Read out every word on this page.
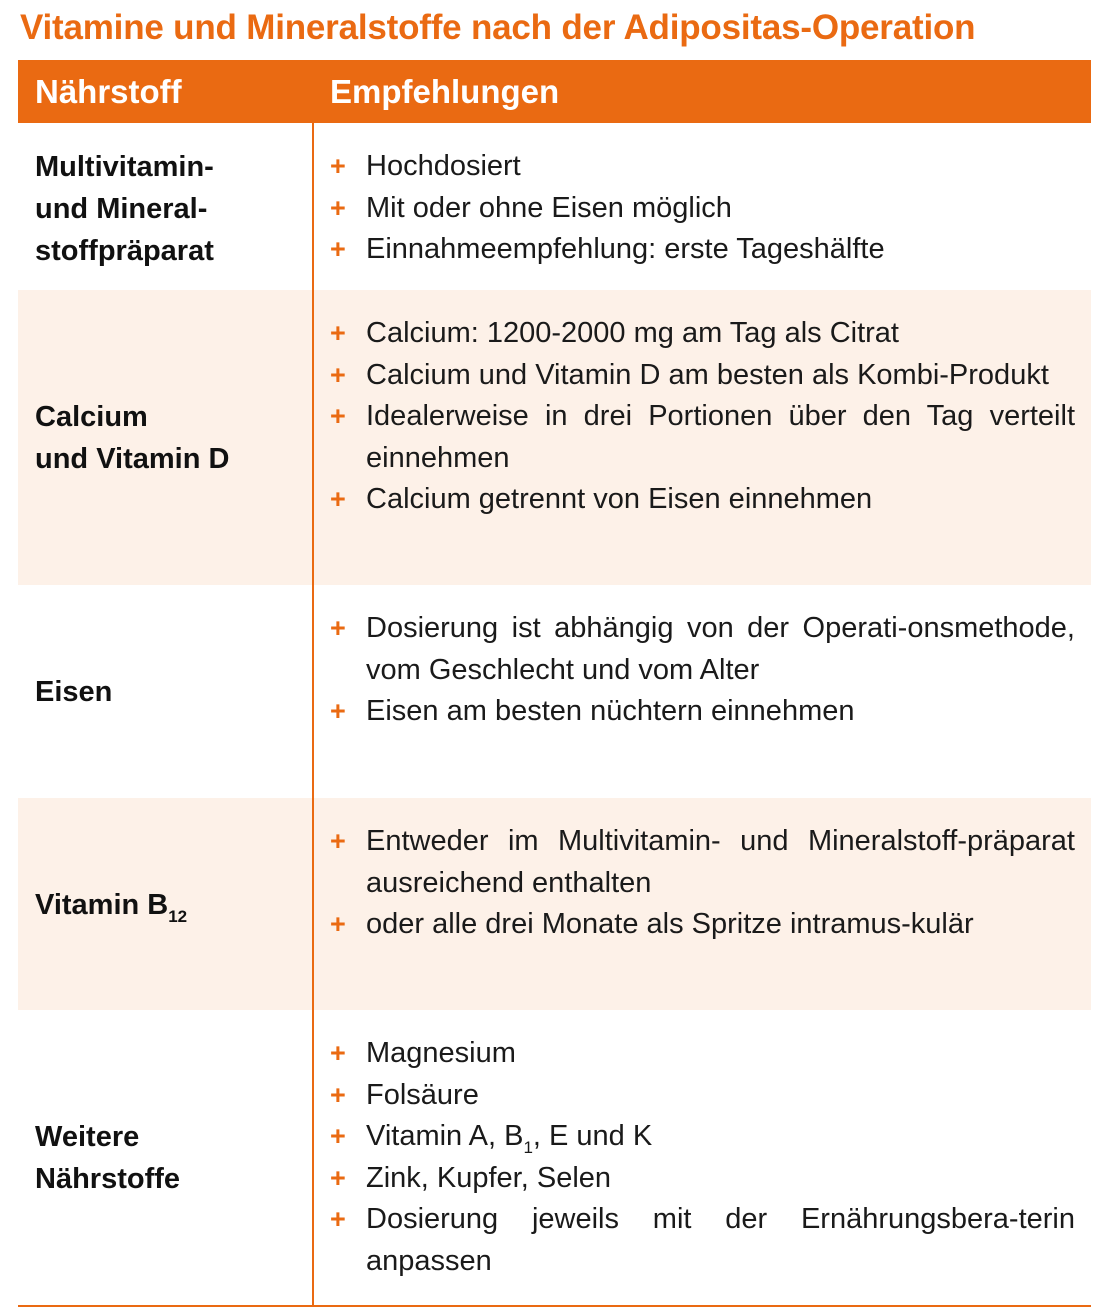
Vitamine und Mineralstoffe nach der Adipositas-Operation
Nährstoff	Empfehlungen
Multivitamin-
und Mineral-
stoffpräparat
+ Hochdosiert
+ Mit oder ohne Eisen möglich
+ Einnahmeempfehlung: erste Tageshälfte
Calcium
und Vitamin D
+ Calcium: 1200-2000 mg am Tag als Citrat
+ Calcium und Vitamin D am besten als Kombi-Produkt
+ Idealerweise in drei Portionen über den Tag verteilt einnehmen
+ Calcium getrennt von Eisen einnehmen
Eisen
+ Dosierung ist abhängig von der Operati-onsmethode, vom Geschlecht und vom Alter
+ Eisen am besten nüchtern einnehmen
Vitamin $B_{12}$
+ Entweder im Multivitamin- und Mineralstoff-präparat ausreichend enthalten
+ oder alle drei Monate als Spritze intramus-kulär
Weitere
Nährstoffe
+ Magnesium
+ Folsäure
+ Vitamin A, $B_1$, E und K
+ Zink, Kupfer, Selen
+ Dosierung jeweils mit der Ernährungsbera-terin anpassen
